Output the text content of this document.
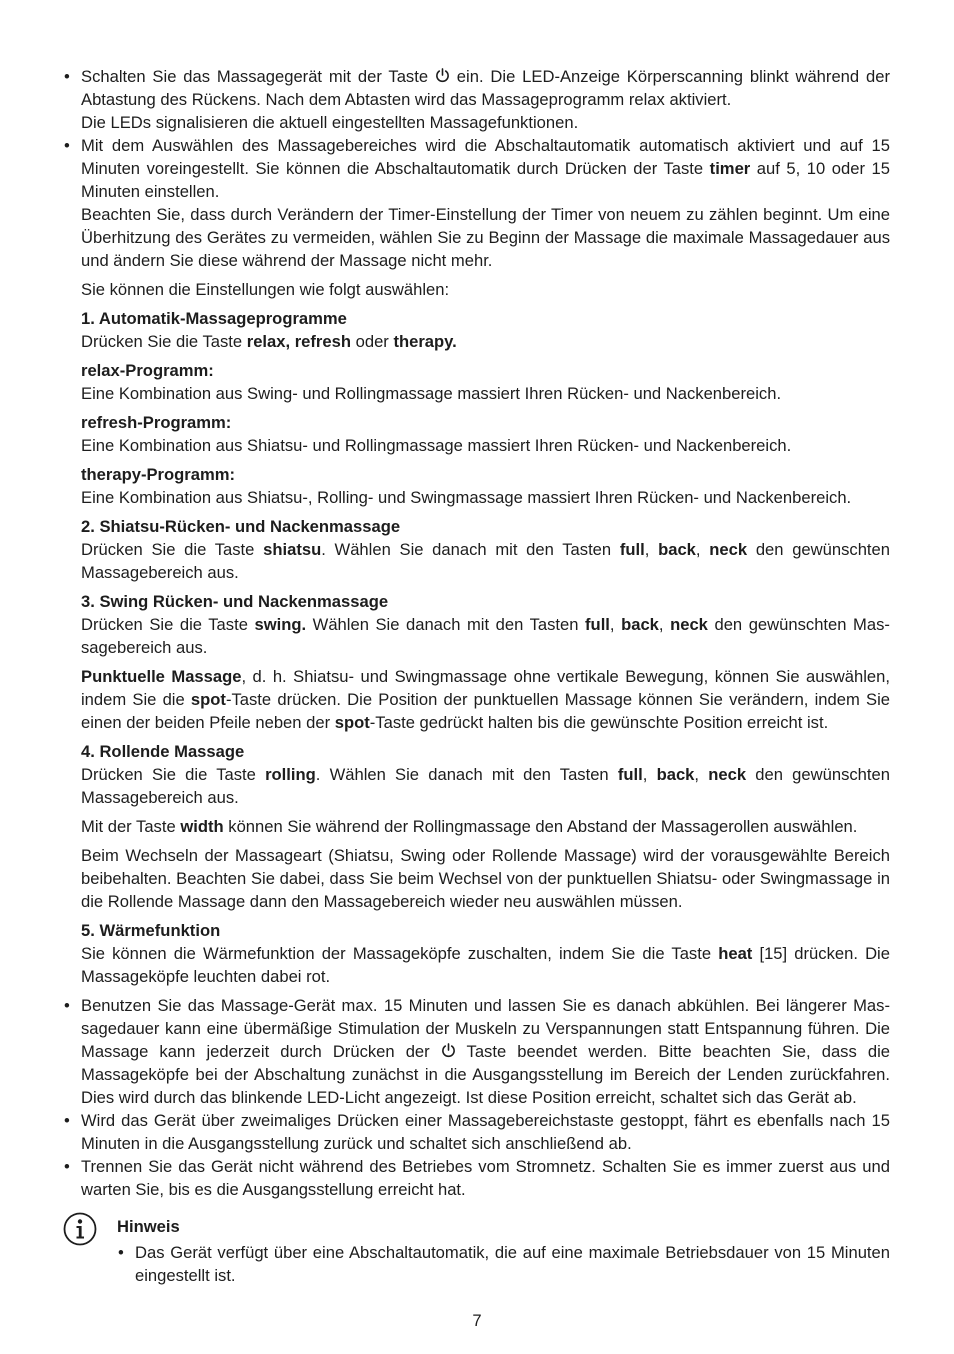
• Schalten Sie das Massagegerät mit der Taste ein. Die LED-Anzeige Körperscanning blinkt während der Abtastung des Rückens. Nach dem Abtasten wird das Massageprogramm relax aktiviert.
Die LEDs signalisieren die aktuell eingestellten Massagefunktionen.
• Mit dem Auswählen des Massagebereiches wird die Abschaltautomatik automatisch aktiviert und auf 15 Minuten voreingestellt. Sie können die Abschaltautomatik durch Drücken der Taste timer auf 5, 10 oder 15 Minuten einstellen.
Beachten Sie, dass durch Verändern der Timer-Einstellung der Timer von neuem zu zählen beginnt. Um eine Überhitzung des Gerätes zu vermeiden, wählen Sie zu Beginn der Massage die maximale Massagedauer aus und ändern Sie diese während der Massage nicht mehr.
Sie können die Einstellungen wie folgt auswählen:
1. Automatik-Massageprogramme
Drücken Sie die Taste relax, refresh oder therapy.
relax-Programm:
Eine Kombination aus Swing- und Rollingmassage massiert Ihren Rücken- und Nackenbereich.
refresh-Programm:
Eine Kombination aus Shiatsu- und Rollingmassage massiert Ihren Rücken- und Nackenbereich.
therapy-Programm:
Eine Kombination aus Shiatsu-, Rolling- und Swingmassage massiert Ihren Rücken- und Nackenbereich.
2. Shiatsu-Rücken- und Nackenmassage
Drücken Sie die Taste shiatsu. Wählen Sie danach mit den Tasten full, back, neck den gewünschten Massagebereich aus.
3. Swing Rücken- und Nackenmassage
Drücken Sie die Taste swing. Wählen Sie danach mit den Tasten full, back, neck den gewünschten Massagebereich aus.
Punktuelle Massage, d. h. Shiatsu- und Swingmassage ohne vertikale Bewegung, können Sie auswählen, indem Sie die spot-Taste drücken. Die Position der punktuellen Massage können Sie verändern, indem Sie einen der beiden Pfeile neben der spot-Taste gedrückt halten bis die gewünschte Position erreicht ist.
4. Rollende Massage
Drücken Sie die Taste rolling. Wählen Sie danach mit den Tasten full, back, neck den gewünschten Massagebereich aus.
Mit der Taste width können Sie während der Rollingmassage den Abstand der Massagerollen auswählen.
Beim Wechseln der Massageart (Shiatsu, Swing oder Rollende Massage) wird der vorausgewählte Bereich beibehalten. Beachten Sie dabei, dass Sie beim Wechsel von der punktuellen Shiatsu- oder Swingmassage in die Rollende Massage dann den Massagebereich wieder neu auswählen müssen.
5. Wärmefunktion
Sie können die Wärmefunktion der Massageköpfe zuschalten, indem Sie die Taste heat [15] drücken. Die Massageköpfe leuchten dabei rot.
• Benutzen Sie das Massage-Gerät max. 15 Minuten und lassen Sie es danach abkühlen. Bei längerer Massagedauer kann eine übermäßige Stimulation der Muskeln zu Verspannungen statt Entspannung führen. Die Massage kann jederzeit durch Drücken der Taste beendet werden. Bitte beachten Sie, dass die Massageköpfe bei der Abschaltung zunächst in die Ausgangsstellung im Bereich der Lenden zurückfahren. Dies wird durch das blinkende LED-Licht angezeigt. Ist diese Position erreicht, schaltet sich das Gerät ab.
• Wird das Gerät über zweimaliges Drücken einer Massagebereichstaste gestoppt, fährt es ebenfalls nach 15 Minuten in die Ausgangsstellung zurück und schaltet sich anschließend ab.
• Trennen Sie das Gerät nicht während des Betriebes vom Stromnetz. Schalten Sie es immer zuerst aus und warten Sie, bis es die Ausgangsstellung erreicht hat.
Hinweis
• Das Gerät verfügt über eine Abschaltautomatik, die auf eine maximale Betriebsdauer von 15 Minuten eingestellt ist.
7
